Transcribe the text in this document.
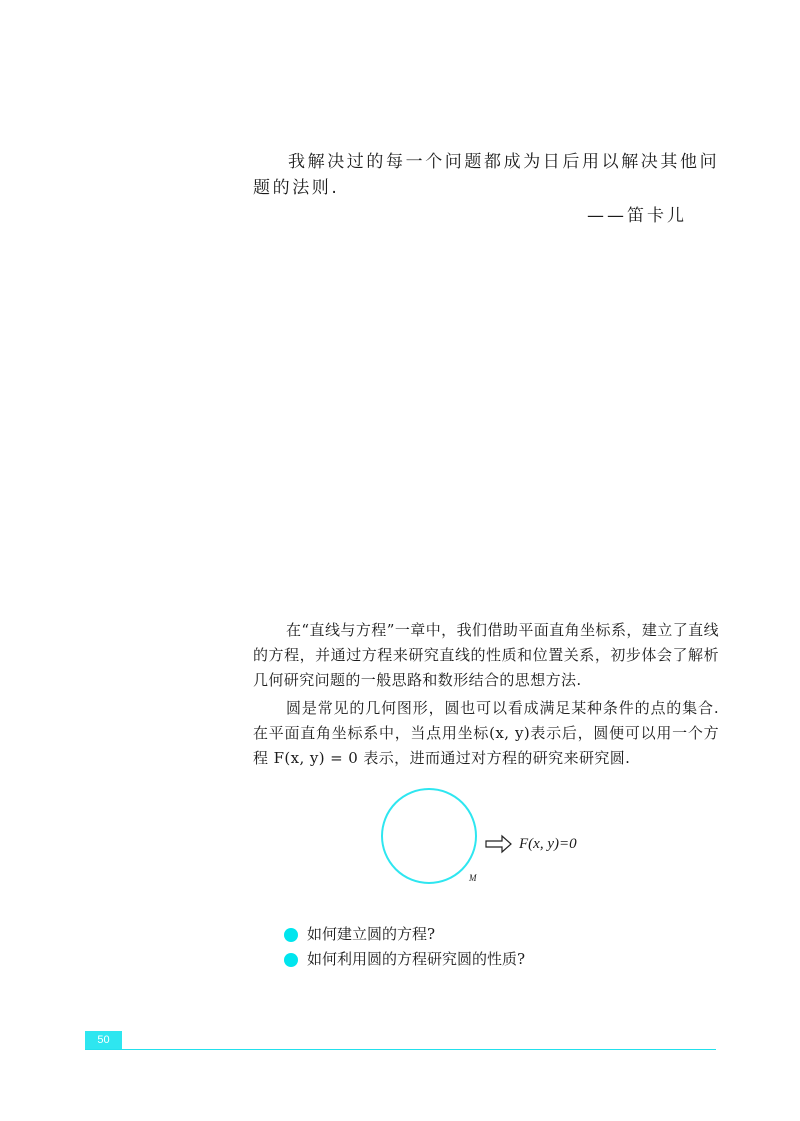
我解决过的每一个问题都成为日后用以解决其他问题的法则.

——笛卡儿

在“直线与方程”一章中，我们借助平面直角坐标系，建立了直线的方程，并通过方程来研究直线的性质和位置关系，初步体会了解析几何研究问题的一般思路和数形结合的思想方法.

圆是常见的几何图形，圆也可以看成满足某种条件的点的集合.在平面直角坐标系中，当点用坐标(x, y)表示后，圆便可以用一个方程 F(x, y) = 0 表示，进而通过对方程的研究来研究圆.

M
F(x, y)=0
如何建立圆的方程?
如何利用圆的方程研究圆的性质?
50
